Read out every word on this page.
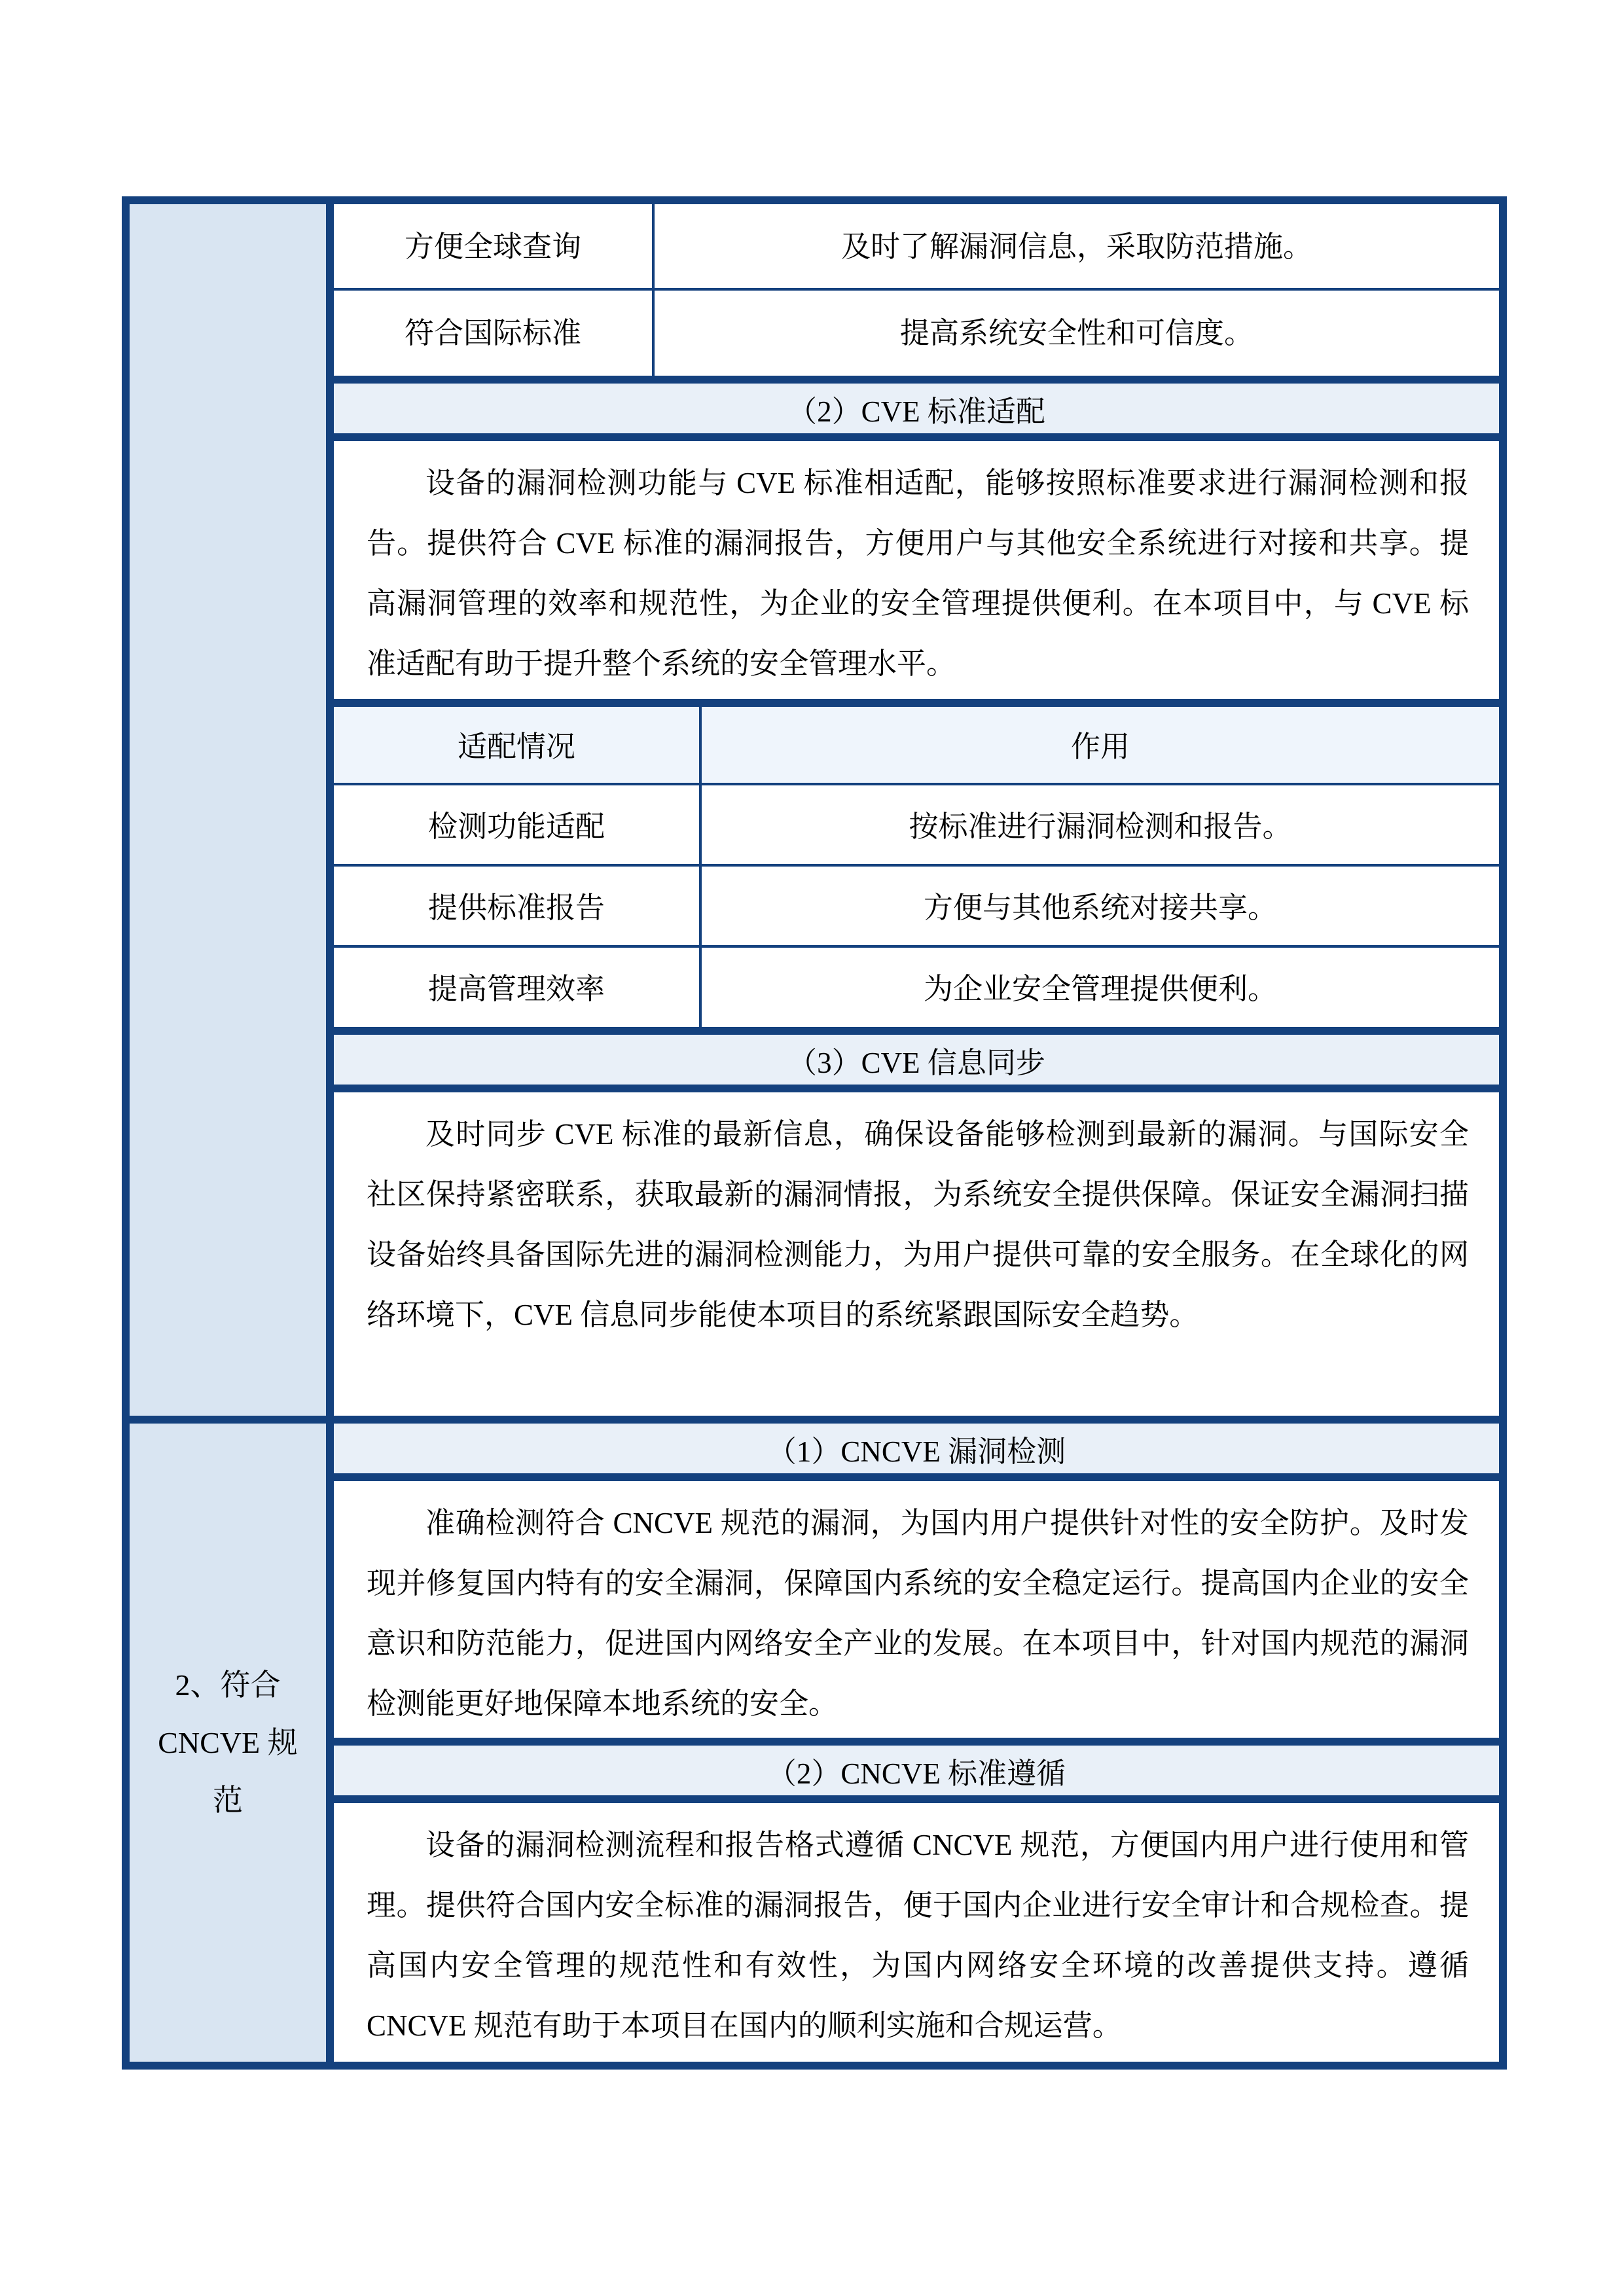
方便全球查询	及时了解漏洞信息，采取防范措施。
符合国际标准	提高系统安全性和可信度。
（2）CVE 标准适配
设备的漏洞检测功能与 CVE 标准相适配，能够按照标准要求进行漏洞检测和报告。提供符合 CVE 标准的漏洞报告，方便用户与其他安全系统进行对接和共享。提高漏洞管理的效率和规范性，为企业的安全管理提供便利。在本项目中，与 CVE 标准适配有助于提升整个系统的安全管理水平。
适配情况	作用
检测功能适配	按标准进行漏洞检测和报告。
提供标准报告	方便与其他系统对接共享。
提高管理效率	为企业安全管理提供便利。
（3）CVE 信息同步
及时同步 CVE 标准的最新信息，确保设备能够检测到最新的漏洞。与国际安全社区保持紧密联系，获取最新的漏洞情报，为系统安全提供保障。保证安全漏洞扫描设备始终具备国际先进的漏洞检测能力，为用户提供可靠的安全服务。在全球化的网络环境下，CVE 信息同步能使本项目的系统紧跟国际安全趋势。
2、符合 CNCVE 规范
（1）CNCVE 漏洞检测
准确检测符合 CNCVE 规范的漏洞，为国内用户提供针对性的安全防护。及时发现并修复国内特有的安全漏洞，保障国内系统的安全稳定运行。提高国内企业的安全意识和防范能力，促进国内网络安全产业的发展。在本项目中，针对国内规范的漏洞检测能更好地保障本地系统的安全。
（2）CNCVE 标准遵循
设备的漏洞检测流程和报告格式遵循 CNCVE 规范，方便国内用户进行使用和管理。提供符合国内安全标准的漏洞报告，便于国内企业进行安全审计和合规检查。提高国内安全管理的规范性和有效性，为国内网络安全环境的改善提供支持。遵循 CNCVE 规范有助于本项目在国内的顺利实施和合规运营。
